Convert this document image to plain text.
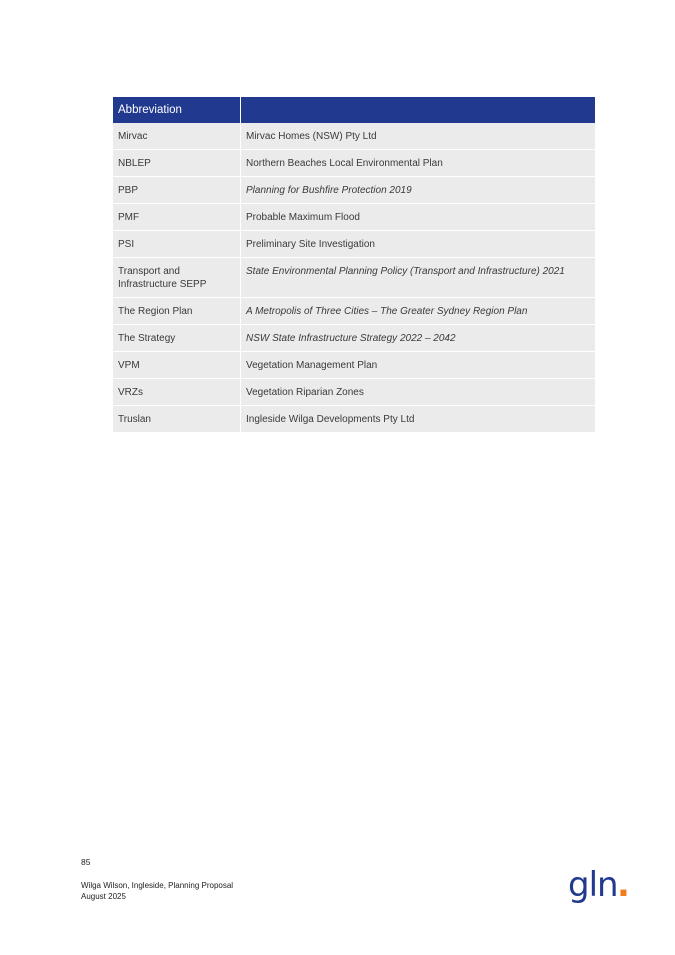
Abbreviation	
Mirvac	Mirvac Homes (NSW) Pty Ltd
NBLEP	Northern Beaches Local Environmental Plan
PBP	Planning for Bushfire Protection 2019
PMF	Probable Maximum Flood
PSI	Preliminary Site Investigation
Transport and Infrastructure SEPP	State Environmental Planning Policy (Transport and Infrastructure) 2021
The Region Plan	A Metropolis of Three Cities – The Greater Sydney Region Plan
The Strategy	NSW State Infrastructure Strategy 2022 – 2042
VPM	Vegetation Management Plan
VRZs	Vegetation Riparian Zones
Truslan	Ingleside Wilga Developments Pty Ltd
85
Wilga Wilson, Ingleside, Planning Proposal
August 2025	gln .
